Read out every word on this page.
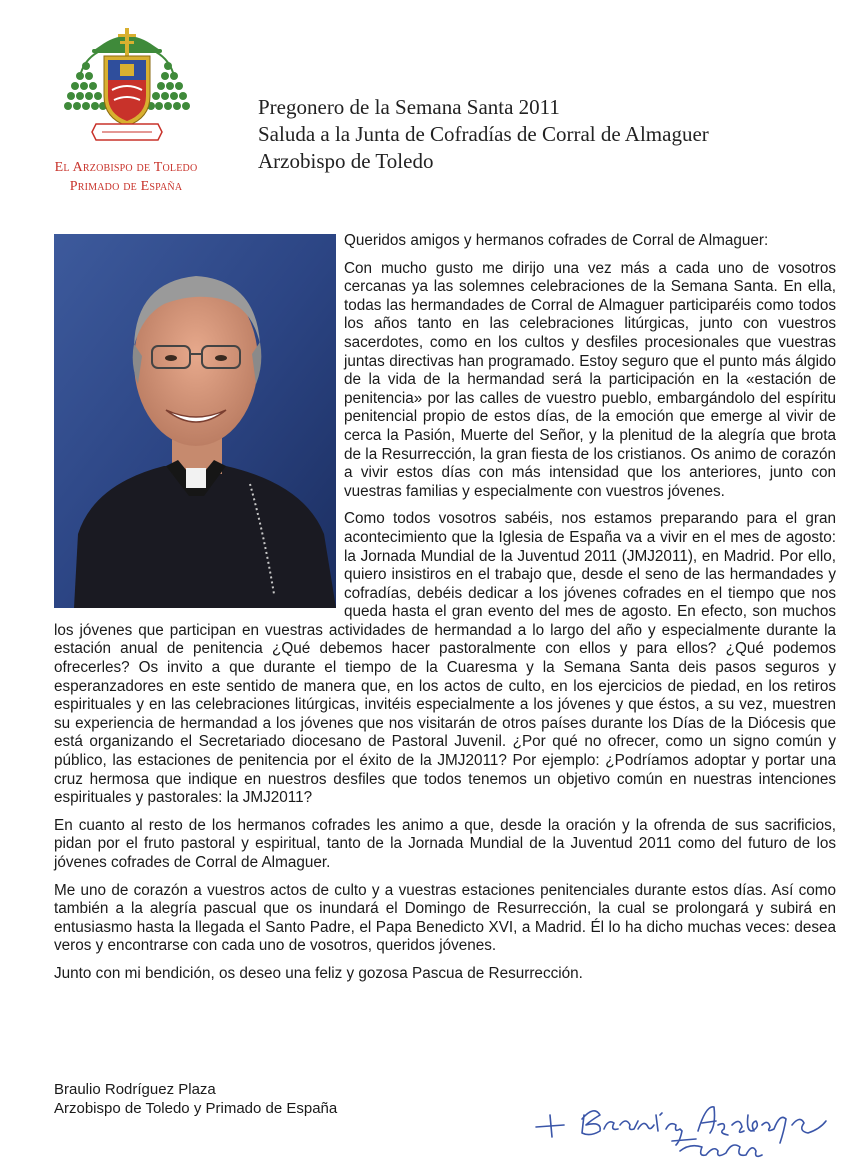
El Arzobispo de Toledo
Primado de España
Pregonero de la Semana Santa 2011
Saluda a la Junta de Cofradías de Corral de Almaguer
Arzobispo de Toledo

Queridos amigos y hermanos cofrades de Corral de Almaguer:

Con mucho gusto me dirijo una vez más a cada uno de vosotros cercanas ya las solemnes celebraciones de la Semana Santa. En ella, todas las hermandades de Corral de Almaguer participaréis como todos los años tanto en las celebraciones litúrgicas, junto con vuestros sacerdotes, como en los cultos y desfiles procesionales que vuestras juntas directivas han programado. Estoy seguro que el punto más álgido de la vida de la hermandad será la participación en la «estación de penitencia» por las calles de vuestro pueblo, embargándolo del espíritu penitencial propio de estos días, de la emoción que emerge al vivir de cerca la Pasión, Muerte del Señor, y la plenitud de la alegría que brota de la Resurrección, la gran fiesta de los cristianos. Os animo de corazón a vivir estos días con más intensidad que los anteriores, junto con vuestras familias y especialmente con vuestros jóvenes.

Como todos vosotros sabéis, nos estamos preparando para el gran acontecimiento que la Iglesia de España va a vivir en el mes de agosto: la Jornada Mundial de la Juventud 2011 (JMJ2011), en Madrid. Por ello, quiero insistiros en el trabajo que, desde el seno de las hermandades y cofradías, debéis dedicar a los jóvenes cofrades en el tiempo que nos queda hasta el gran evento del mes de agosto. En efecto, son muchos los jóvenes que participan en vuestras actividades de hermandad a lo largo del año y especialmente durante la estación anual de penitencia ¿Qué debemos hacer pastoralmente con ellos y para ellos? ¿Qué podemos ofrecerles? Os invito a que durante el tiempo de la Cuaresma y la Semana Santa deis pasos seguros y esperanzadores en este sentido de manera que, en los actos de culto, en los ejercicios de piedad, en los retiros espirituales y en las celebraciones litúrgicas, invitéis especialmente a los jóvenes y que éstos, a su vez, muestren su experiencia de hermandad a los jóvenes que nos visitarán de otros países durante los Días de la Diócesis que está organizando el Secretariado diocesano de Pastoral Juvenil. ¿Por qué no ofrecer, como un signo común y público, las estaciones de penitencia por el éxito de la JMJ2011? Por ejemplo: ¿Podríamos adoptar y portar una cruz hermosa que indique en nuestros desfiles que todos tenemos un objetivo común en nuestras intenciones espirituales y pastorales: la JMJ2011?

En cuanto al resto de los hermanos cofrades les animo a que, desde la oración y la ofrenda de sus sacrificios, pidan por el fruto pastoral y espiritual, tanto de la Jornada Mundial de la Juventud 2011 como del futuro de los jóvenes cofrades de Corral de Almaguer.

Me uno de corazón a vuestros actos de culto y a vuestras estaciones penitenciales durante estos días. Así como también a la alegría pascual que os inundará el Domingo de Resurrección, la cual se prolongará y subirá en entusiasmo hasta la llegada el Santo Padre, el Papa Benedicto XVI, a Madrid. Él lo ha dicho muchas veces: desea veros y encontrarse con cada uno de vosotros, queridos jóvenes.

Junto con mi bendición, os deseo una feliz y gozosa Pascua de Resurrección.

Braulio Rodríguez Plaza
Arzobispo de Toledo y Primado de España
